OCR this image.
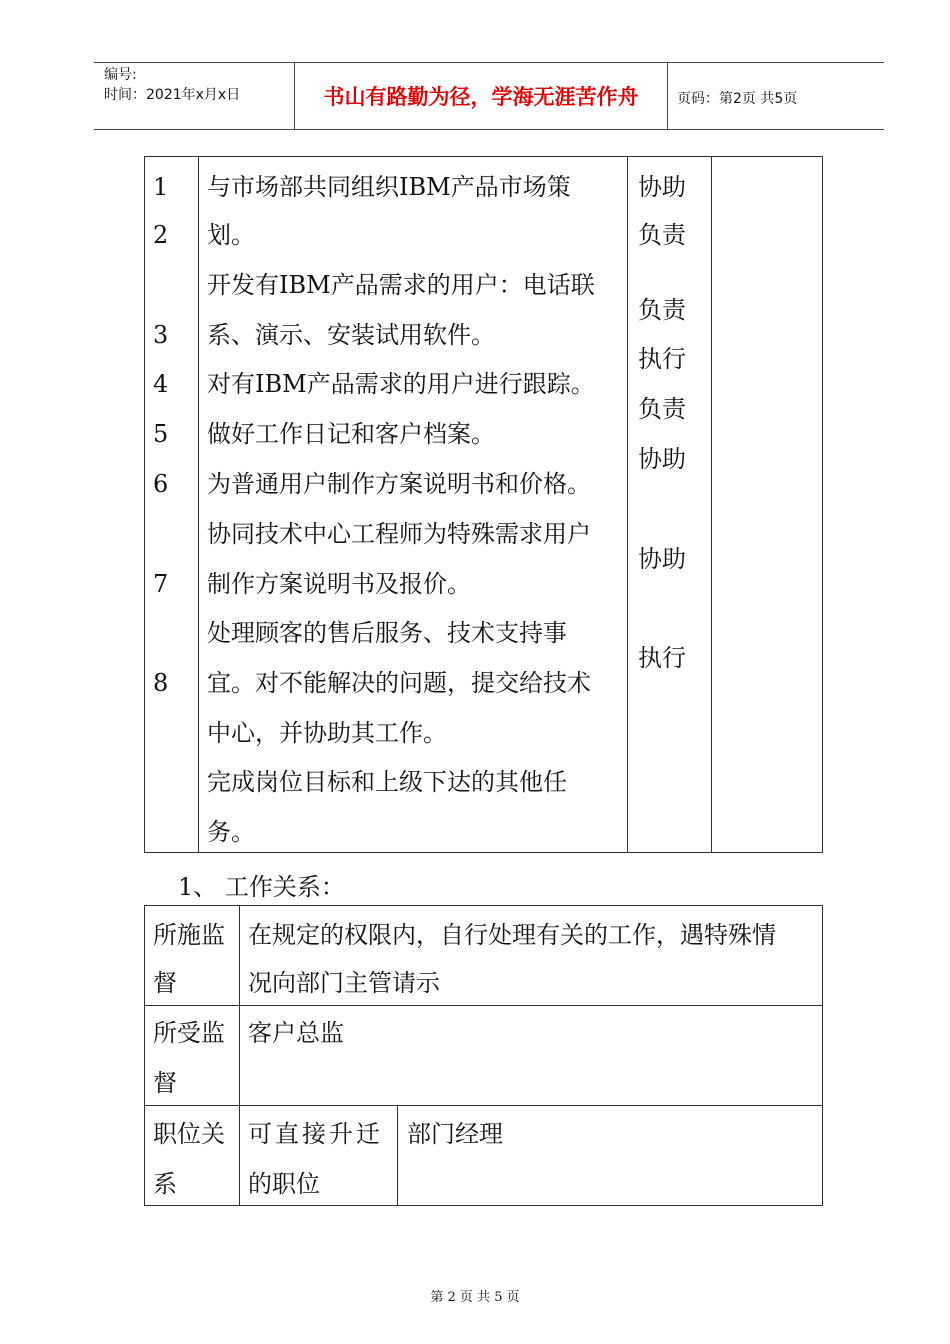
编号:
时间：2021年x月x日	书山有路勤为径，学海无涯苦作舟	页码：第2页 共5页
1
2
3
4
5
6
7
8
与市场部共同组织IBM产品市场策
划。
开发有IBM产品需求的用户：电话联
系、演示、安装试用软件。
对有IBM产品需求的用户进行跟踪。
做好工作日记和客户档案。
为普通用户制作方案说明书和价格。
协同技术中心工程师为特殊需求用户
制作方案说明书及报价。
处理顾客的售后服务、技术支持事
宜。对不能解决的问题，提交给技术
中心，并协助其工作。
完成岗位目标和上级下达的其他任
务。
协助
负责
负责
执行
负责
协助
协助
执行
1、 工作关系：
所施监
督
在规定的权限内，自行处理有关的工作，遇特殊情
况向部门主管请示
所受监
督
客户总监
职位关
系
可直接升迁
的职位
部门经理
第 2 页 共 5 页
